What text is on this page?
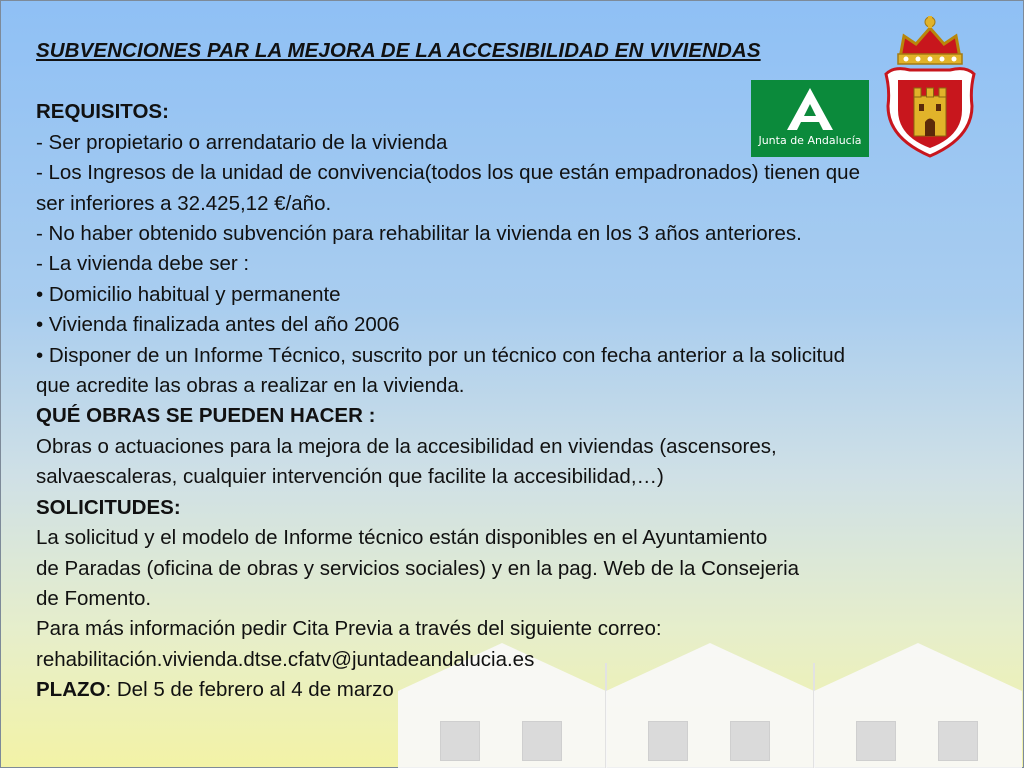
Junta de Andalucía
SUBVENCIONES PAR LA MEJORA DE LA ACCESIBILIDAD EN VIVIENDAS
REQUISITOS:
- Ser propietario o arrendatario de la vivienda
- Los Ingresos de la unidad de convivencia(todos los que están empadronados) tienen que
ser inferiores a 32.425,12 €/año.
- No haber obtenido subvención para rehabilitar la vivienda en los 3 años anteriores.
- La vivienda debe ser :
• Domicilio habitual y permanente
• Vivienda finalizada antes del año 2006
• Disponer de un Informe Técnico, suscrito por un técnico con fecha anterior a la solicitud
que acredite las obras a realizar en la vivienda.
QUÉ OBRAS SE PUEDEN HACER :
Obras o actuaciones para la mejora de la accesibilidad en viviendas (ascensores,
salvaescaleras, cualquier intervención que facilite la accesibilidad,…)
SOLICITUDES:
La solicitud y el modelo de Informe técnico están disponibles en el Ayuntamiento
de Paradas (oficina de obras y servicios sociales) y en la pag. Web de la Consejeria
de Fomento.
Para más información pedir Cita Previa a través del siguiente correo:
rehabilitación.vivienda.dtse.cfatv@juntadeandalucia.es
PLAZO: Del 5 de febrero al 4 de marzo
